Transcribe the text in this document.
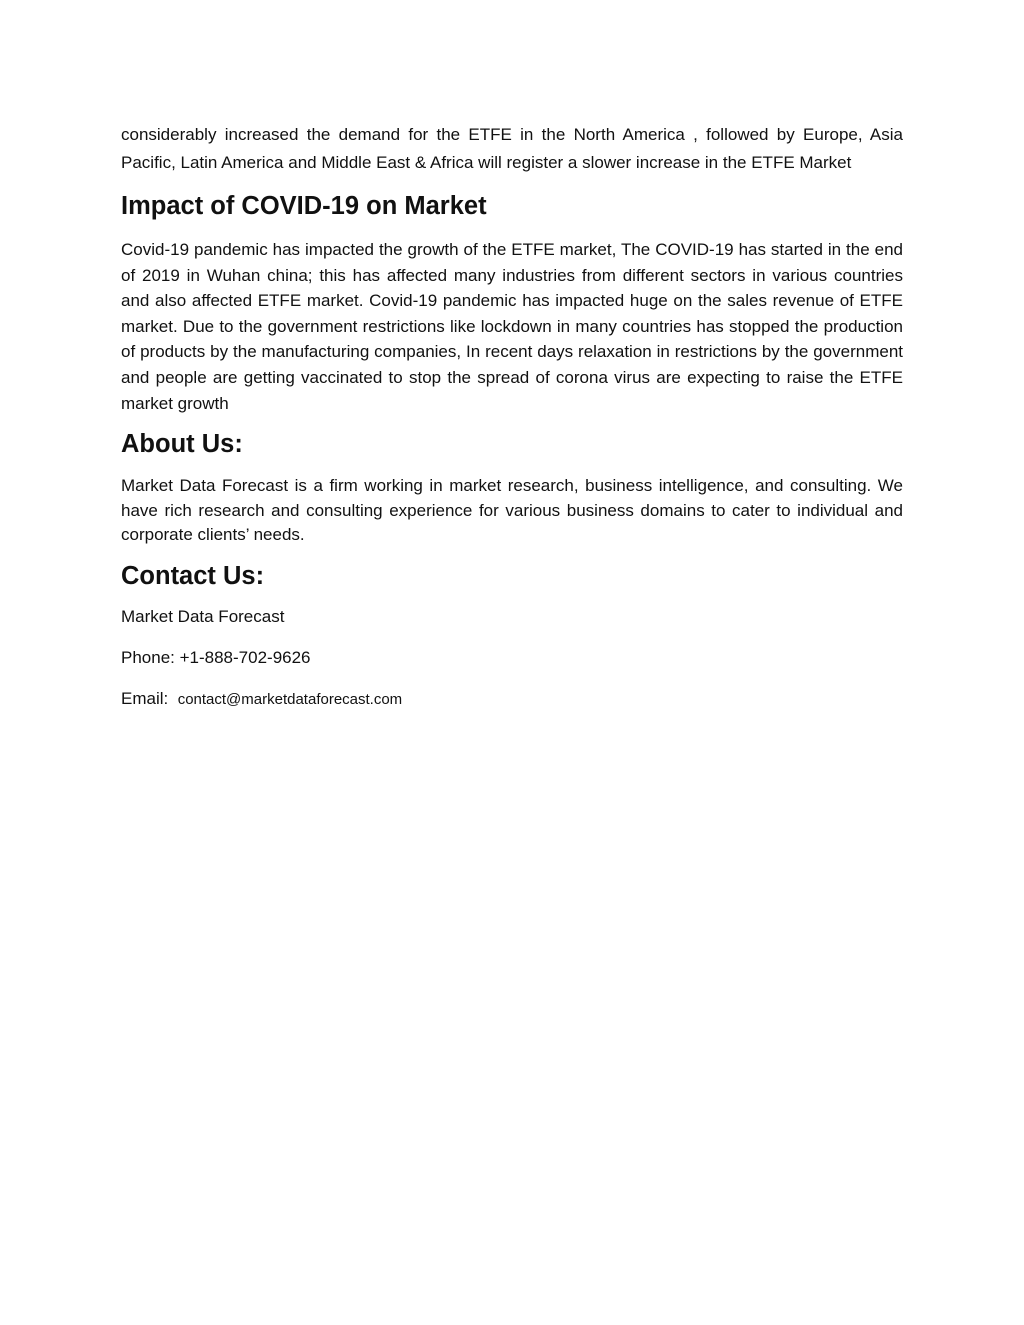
considerably increased the demand for the ETFE in the North America , followed by Europe, Asia
Pacific, Latin America and Middle East & Africa will register a slower increase in the ETFE Market

Impact of COVID-19 on Market

Covid-19 pandemic has impacted the growth of the ETFE market, The COVID-19 has started in the end of 2019 in Wuhan china; this has affected many industries from different sectors in various countries and also affected ETFE market. Covid-19 pandemic has impacted huge on the sales revenue of ETFE market. Due to the government restrictions like lockdown in many countries has stopped the production of products by the manufacturing companies, In recent days relaxation in restrictions by the government and people are getting vaccinated to stop the spread of corona virus are expecting to raise the ETFE market growth

About Us:

Market Data Forecast is a firm working in market research, business intelligence, and consulting. We have rich research and consulting experience for various business domains to cater to individual and corporate clients’ needs.

Contact Us:

Market Data Forecast

Phone: +1-888-702-9626

Email: contact@marketdataforecast.com
